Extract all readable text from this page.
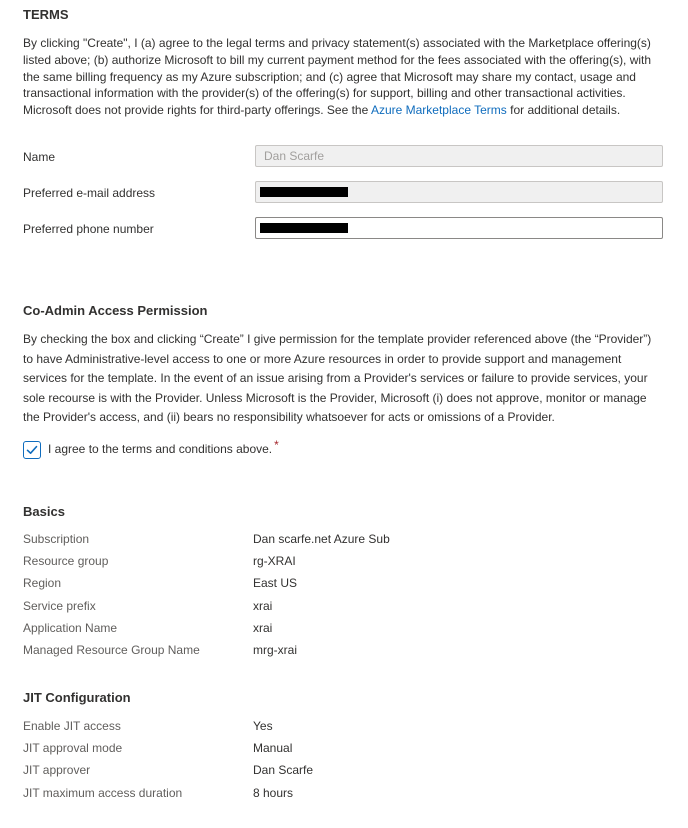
TERMS
By clicking "Create", I (a) agree to the legal terms and privacy statement(s) associated with the Marketplace offering(s) listed above; (b) authorize Microsoft to bill my current payment method for the fees associated with the offering(s), with the same billing frequency as my Azure subscription; and (c) agree that Microsoft may share my contact, usage and transactional information with the provider(s) of the offering(s) for support, billing and other transactional activities. Microsoft does not provide rights for third-party offerings. See the Azure Marketplace Terms for additional details.
Name	Dan Scarfe
Preferred e-mail address
Preferred phone number
Co-Admin Access Permission
By checking the box and clicking “Create” I give permission for the template provider referenced above (the “Provider”) to have Administrative-level access to one or more Azure resources in order to provide support and management services for the template. In the event of an issue arising from a Provider's services or failure to provide services, your sole recourse is with the Provider. Unless Microsoft is the Provider, Microsoft (i) does not approve, monitor or manage the Provider's access, and (ii) bears no responsibility whatsoever for acts or omissions of a Provider.
I agree to the terms and conditions above. *
Basics
Subscription	Dan scarfe.net Azure Sub
Resource group	rg-XRAI
Region	East US
Service prefix	xrai
Application Name	xrai
Managed Resource Group Name	mrg-xrai
JIT Configuration
Enable JIT access	Yes
JIT approval mode	Manual
JIT approver	Dan Scarfe
JIT maximum access duration	8 hours
